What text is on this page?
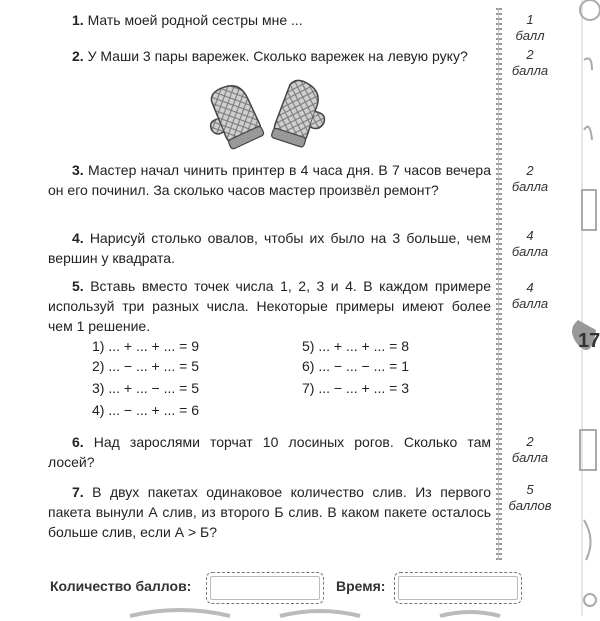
1. Мать моей родной сестры мне ...	1
балл
2. У Маши 3 пары варежек. Сколько варежек на левую руку?	2
балла
3. Мастер начал чинить принтер в 4 часа дня. В 7 часов вечера он его починил. За сколько часов мастер произвёл ремонт?
2
балла
4. Нарисуй столько овалов, чтобы их было на 3 больше, чем вершин у квадрата.
4
балла
5. Вставь вместо точек числа 1, 2, 3 и 4. В каждом примере используй три разных числа. Некоторые примеры имеют более чем 1 решение.
4
балла
1) ... + ... + ... = 9
2) ... − ... + ... = 5
3) ... + ... − ... = 5
4) ... − ... + ... = 6
5) ... + ... + ... = 8
6) ... − ... − ... = 1
7) ... − ... + ... = 3
6. Над зарослями торчат 10 лосиных рогов. Сколько там лосей?
2
балла
7. В двух пакетах одинаковое количество слив. Из первого пакета вынули А слив, из второго Б слив. В каком пакете осталось больше слив, если А > Б?
5
баллов
Количество баллов:	Время:
17
